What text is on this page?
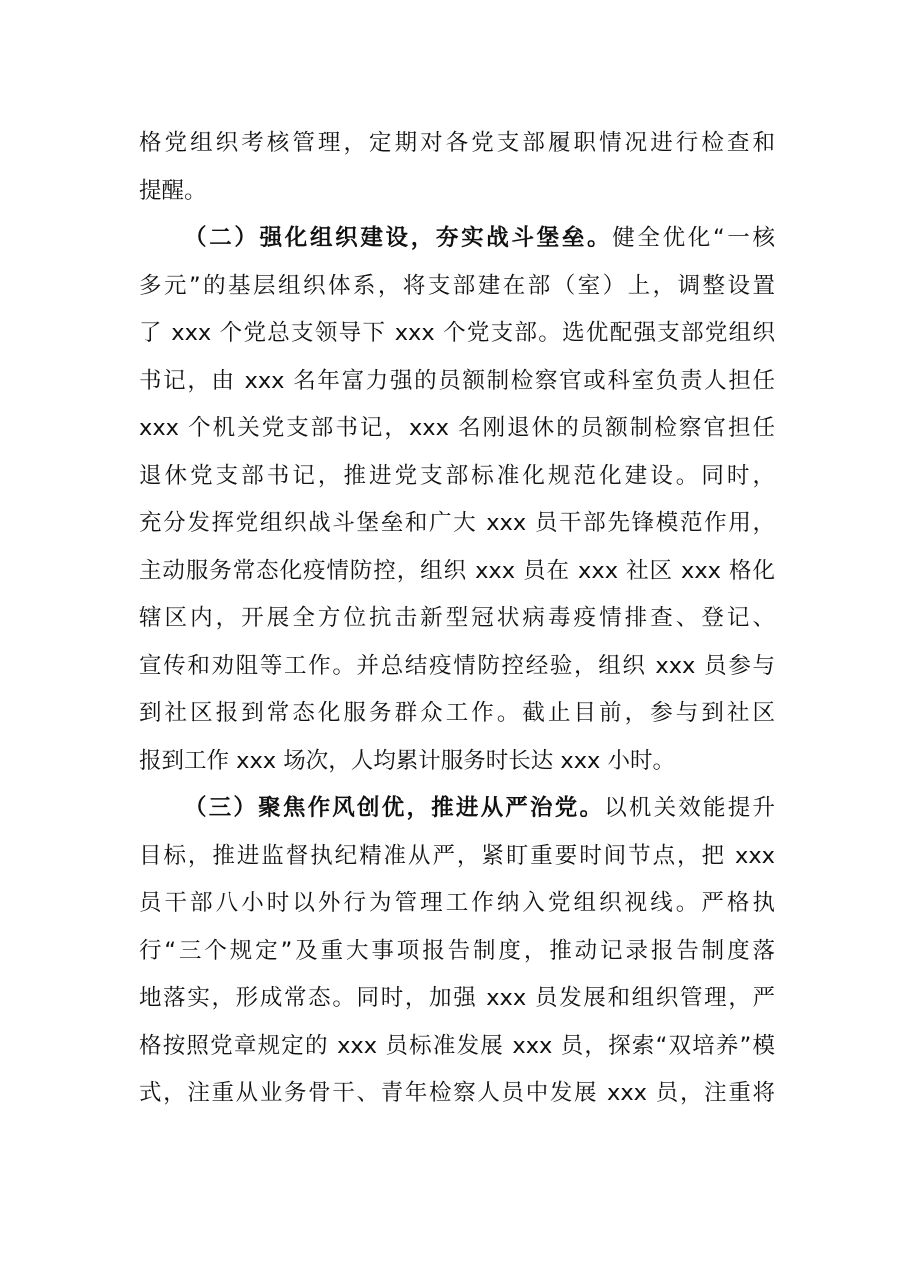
格党组织考核管理，定期对各党支部履职情况进行检查和
提醒。
（二）强化组织建设，夯实战斗堡垒。健全优化“一核
多元”的基层组织体系，将支部建在部（室）上，调整设置
了 xxx 个党总支领导下 xxx 个党支部。选优配强支部党组织
书记，由 xxx 名年富力强的员额制检察官或科室负责人担任
xxx 个机关党支部书记，xxx 名刚退休的员额制检察官担任
退休党支部书记，推进党支部标准化规范化建设。同时，
充分发挥党组织战斗堡垒和广大 xxx 员干部先锋模范作用，
主动服务常态化疫情防控，组织 xxx 员在 xxx 社区 xxx 格化
辖区内，开展全方位抗击新型冠状病毒疫情排查、登记、
宣传和劝阻等工作。并总结疫情防控经验，组织 xxx 员参与
到社区报到常态化服务群众工作。截止目前，参与到社区
报到工作 xxx 场次，人均累计服务时长达 xxx 小时。
（三）聚焦作风创优，推进从严治党。以机关效能提升
目标，推进监督执纪精准从严，紧盯重要时间节点，把 xxx
员干部八小时以外行为管理工作纳入党组织视线。严格执
行“三个规定”及重大事项报告制度，推动记录报告制度落
地落实，形成常态。同时，加强 xxx 员发展和组织管理，严
格按照党章规定的 xxx 员标准发展 xxx 员，探索“双培养”模
式，注重从业务骨干、青年检察人员中发展 xxx 员，注重将
